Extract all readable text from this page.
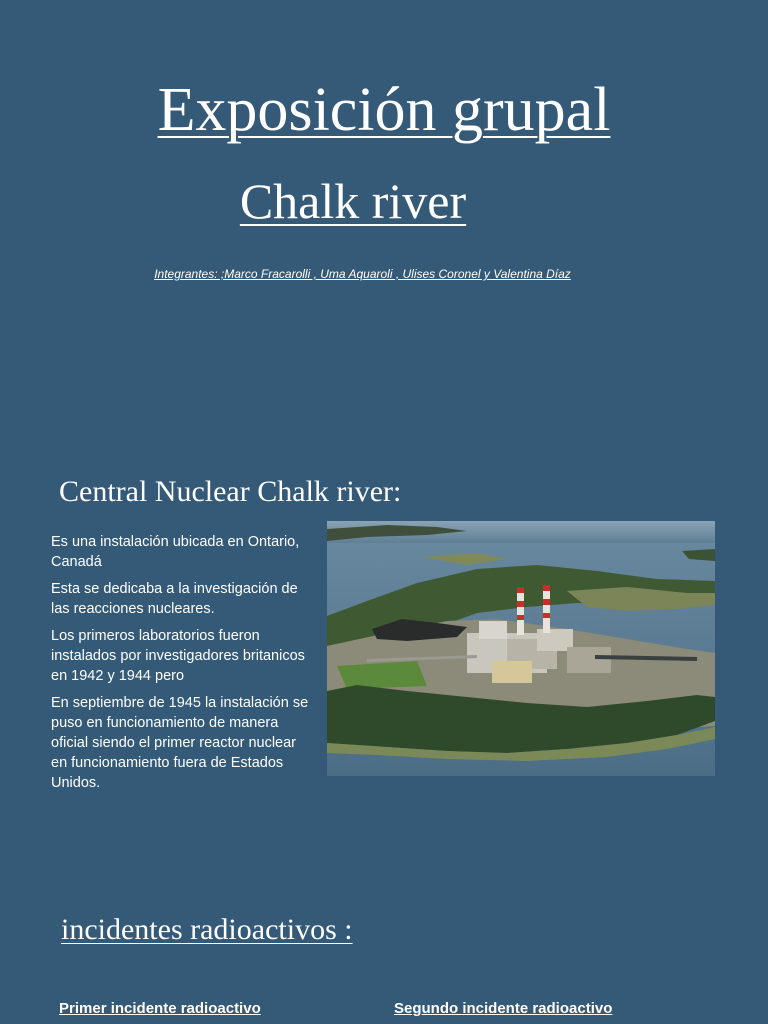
Exposición grupal
Chalk river
Integrantes: ;Marco Fracarolli , Uma Aquaroli , Ulises Coronel y Valentina Díaz
Central Nuclear Chalk river:

Es una instalación ubicada en Ontario, Canadá

Esta se dedicaba a la investigación de las reacciones nucleares.

Los primeros laboratorios fueron instalados por investigadores britanicos en 1942 y 1944 pero

En septiembre de 1945 la instalación se puso en funcionamiento de manera oficial siendo el primer reactor nuclear en funcionamiento fuera de Estados Unidos.

incidentes radioactivos :
Primer incidente radioactivo	Segundo incidente radioactivo
